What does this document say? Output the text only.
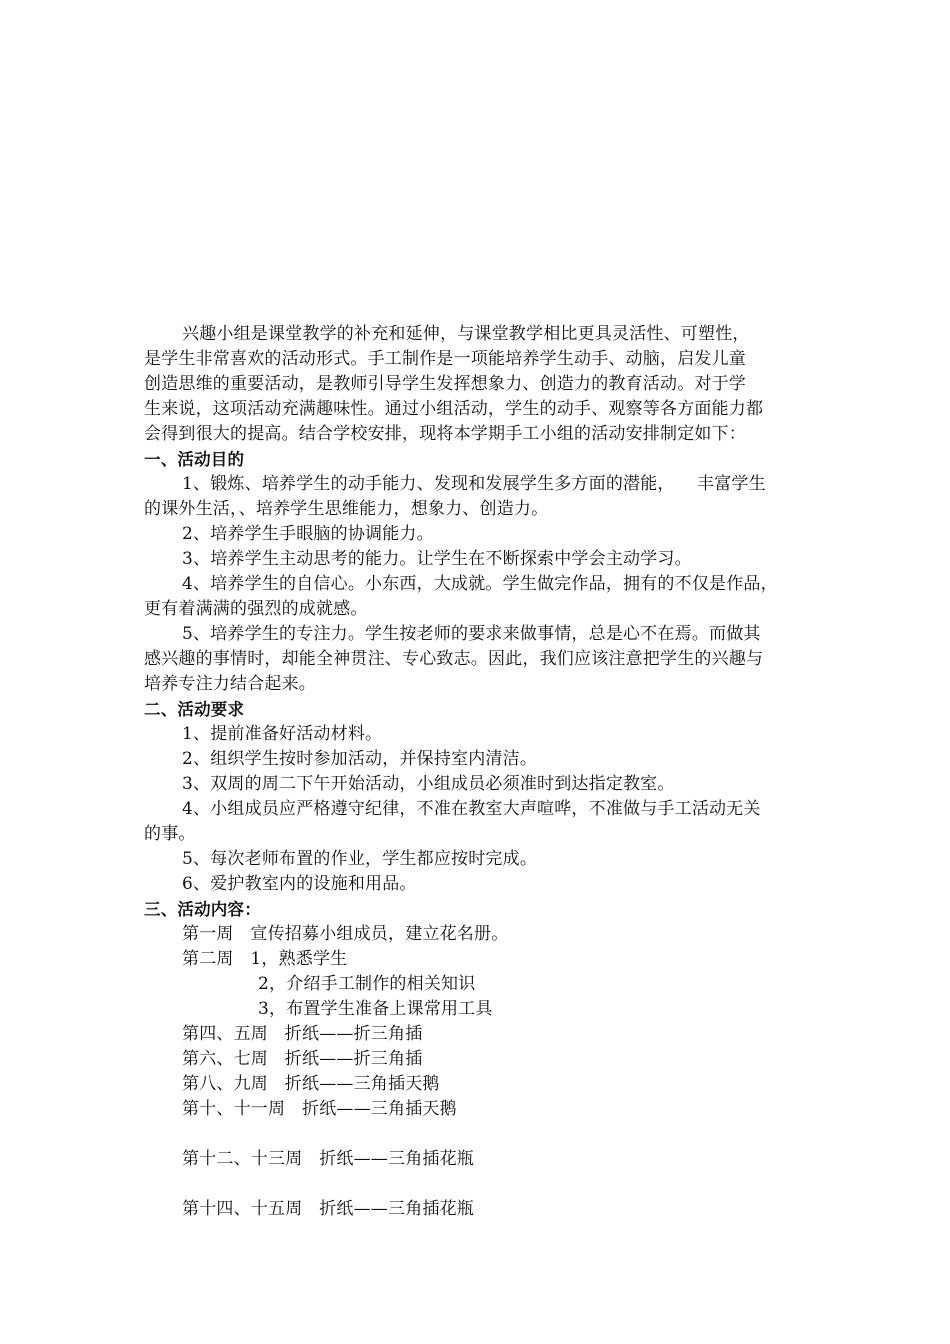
兴趣小组是课堂教学的补充和延伸，与课堂教学相比更具灵活性、可塑性，
是学生非常喜欢的活动形式。手工制作是一项能培养学生动手、动脑，启发儿童
创造思维的重要活动，是教师引导学生发挥想象力、创造力的教育活动。对于学
生来说，这项活动充满趣味性。通过小组活动，学生的动手、观察等各方面能力都
会得到很大的提高。结合学校安排，现将本学期手工小组的活动安排制定如下：
一、活动目的
1、锻炼、培养学生的动手能力、发现和发展学生多方面的潜能，    丰富学生
的课外生活，、培养学生思维能力，想象力、创造力。
2、培养学生手眼脑的协调能力。
3、培养学生主动思考的能力。让学生在不断探索中学会主动学习。
4、培养学生的自信心。小东西，大成就。学生做完作品，拥有的不仅是作品，
更有着满满的强烈的成就感。
5、培养学生的专注力。学生按老师的要求来做事情，总是心不在焉。而做其
感兴趣的事情时，却能全神贯注、专心致志。因此，我们应该注意把学生的兴趣与
培养专注力结合起来。
二、活动要求
1、提前准备好活动材料。
2、组织学生按时参加活动，并保持室内清洁。
3、双周的周二下午开始活动，小组成员必须准时到达指定教室。
4、小组成员应严格遵守纪律，不准在教室大声喧哗，不准做与手工活动无关
的事。
5、每次老师布置的作业，学生都应按时完成。
6、爱护教室内的设施和用品。
三、活动内容：
第一周   宣传招募小组成员，建立花名册。
第二周   1，熟悉学生
2，介绍手工制作的相关知识
3，布置学生准备上课常用工具
第四、五周   折纸——折三角插
第六、七周   折纸——折三角插
第八、九周   折纸——三角插天鹅
第十、十一周   折纸——三角插天鹅
第十二、十三周   折纸——三角插花瓶
第十四、十五周   折纸——三角插花瓶
